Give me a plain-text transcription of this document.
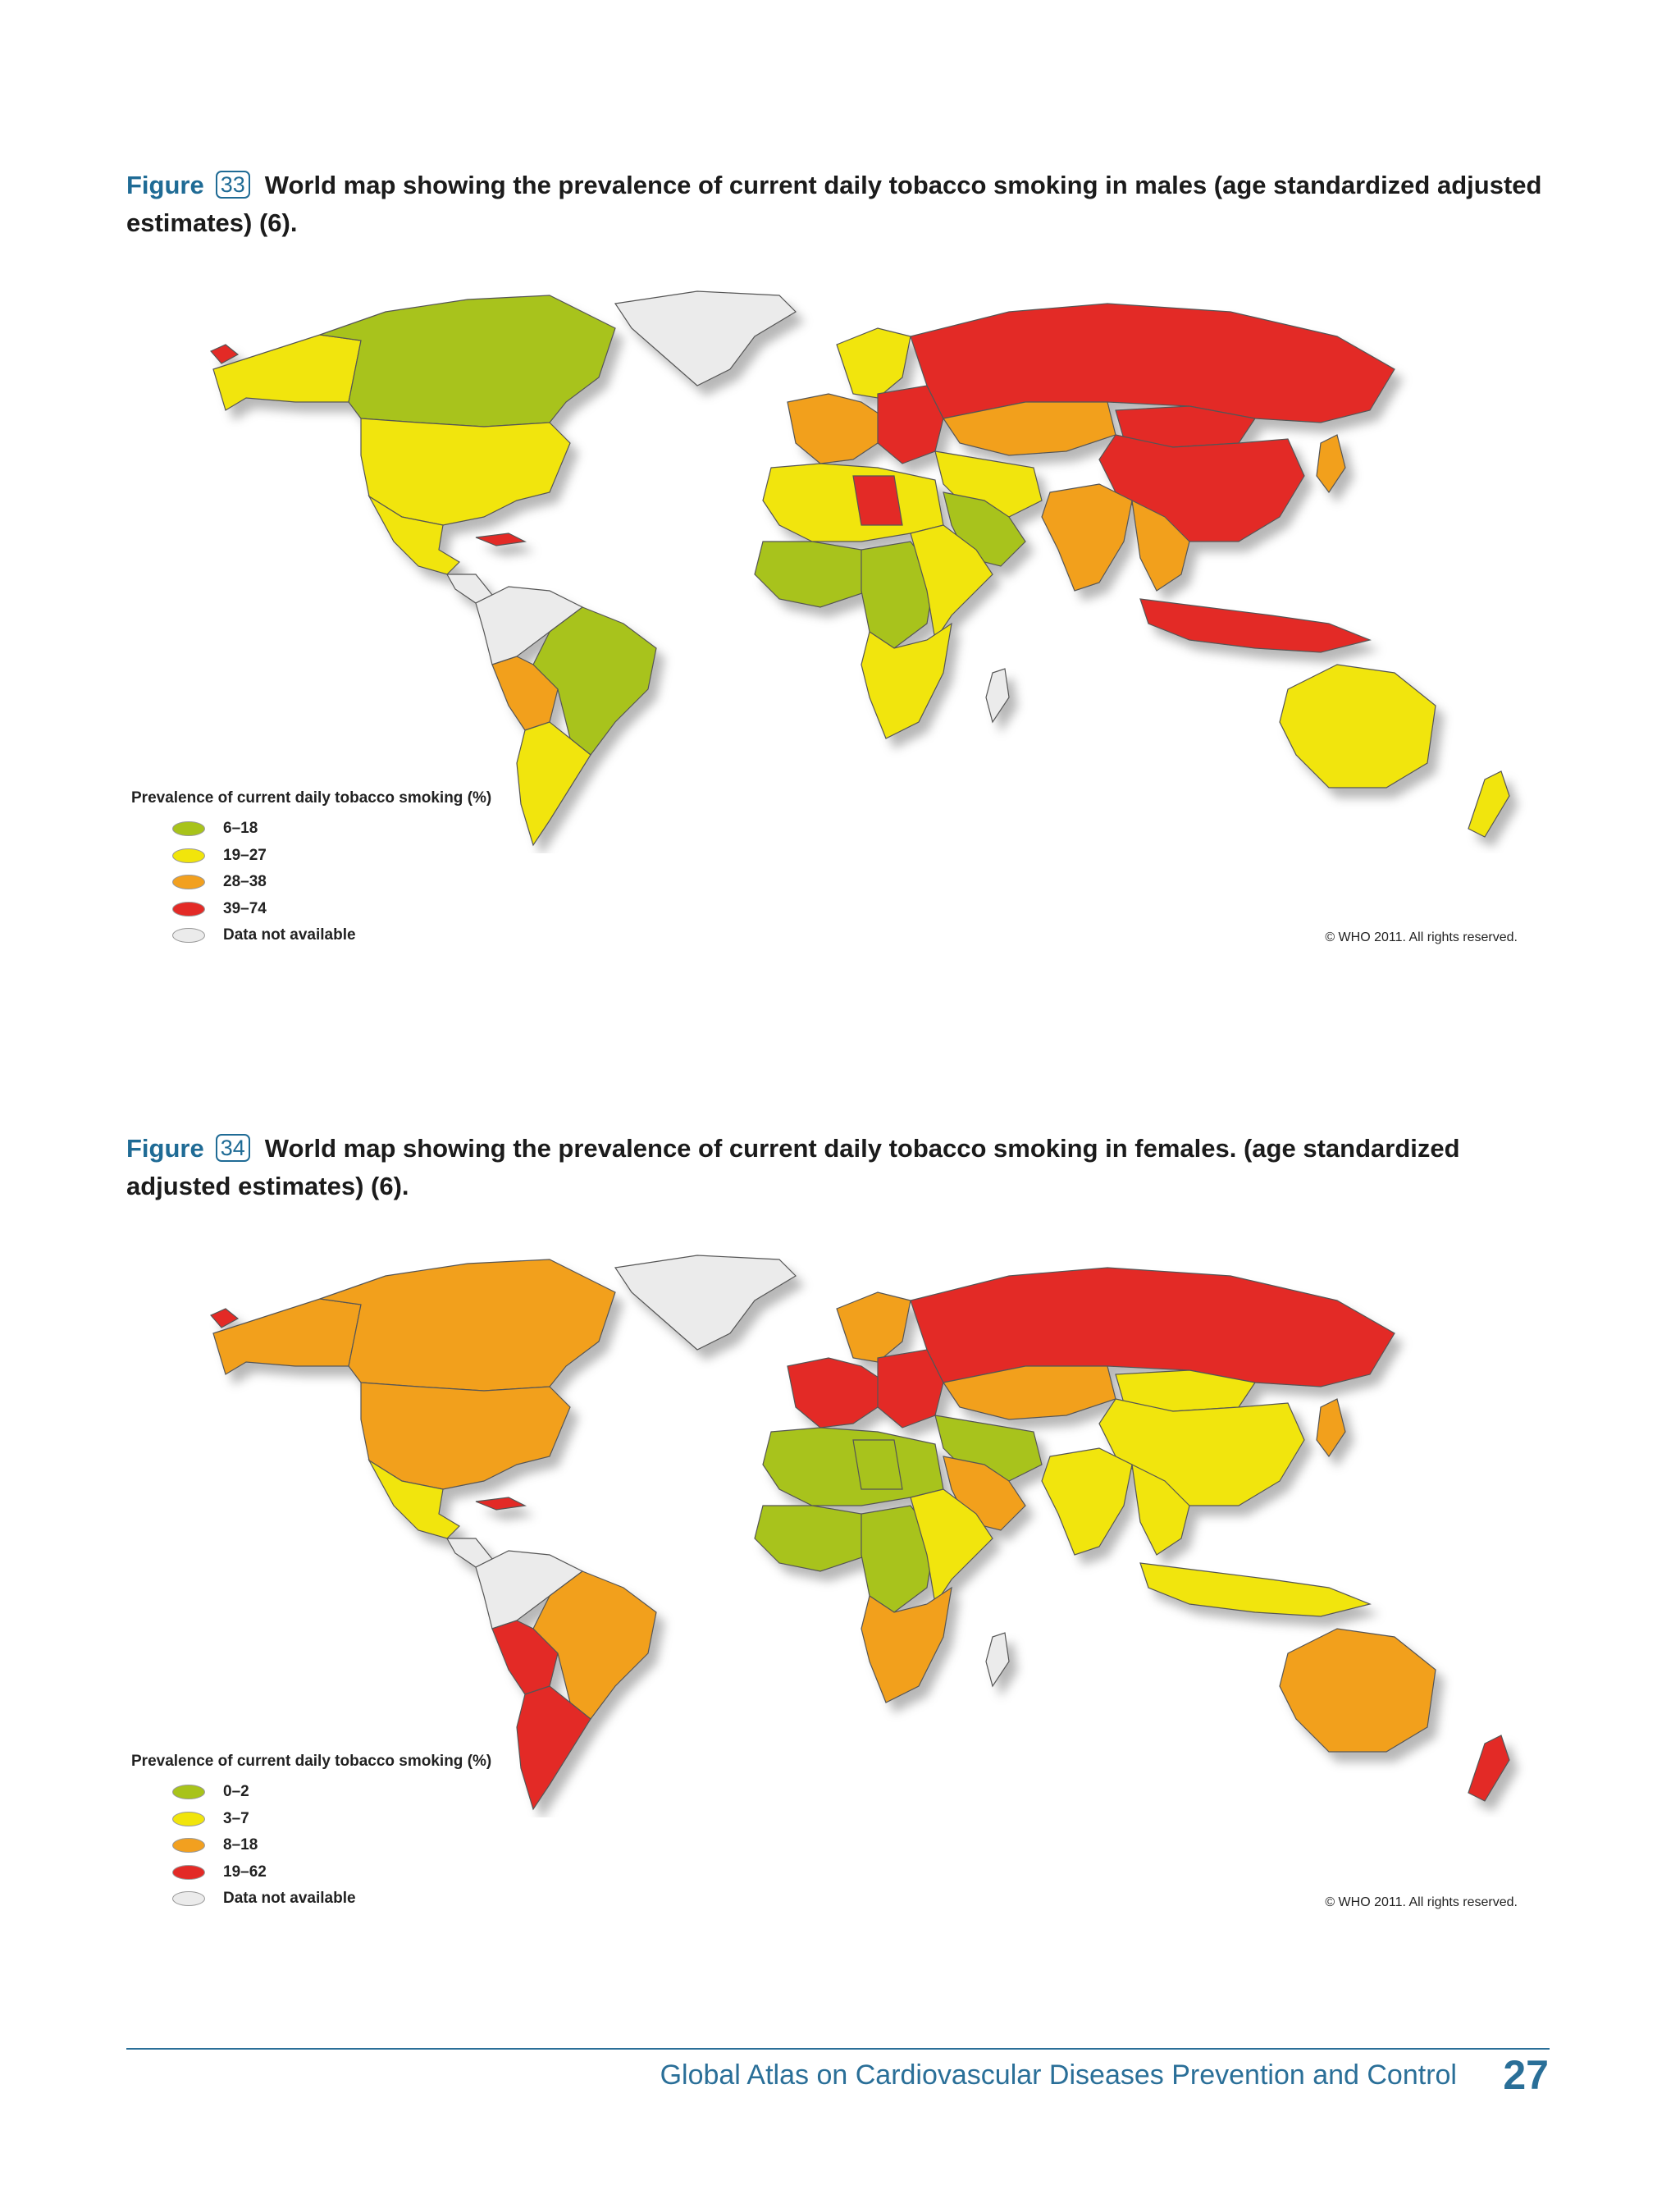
Figure 33 World map showing the prevalence of current daily tobacco smoking in males (age standardized adjusted estimates) (6).
Prevalence of current daily tobacco smoking (%)
6–18
19–27
28–38
39–74
Data not available	© WHO 2011. All rights reserved.
Figure 34 World map showing the prevalence of current daily tobacco smoking in females. (age standardized adjusted estimates) (6).
Prevalence of current daily tobacco smoking (%)
0–2
3–7
8–18
19–62
Data not available	© WHO 2011. All rights reserved.
Global Atlas on Cardiovascular Diseases Prevention and Control 27
